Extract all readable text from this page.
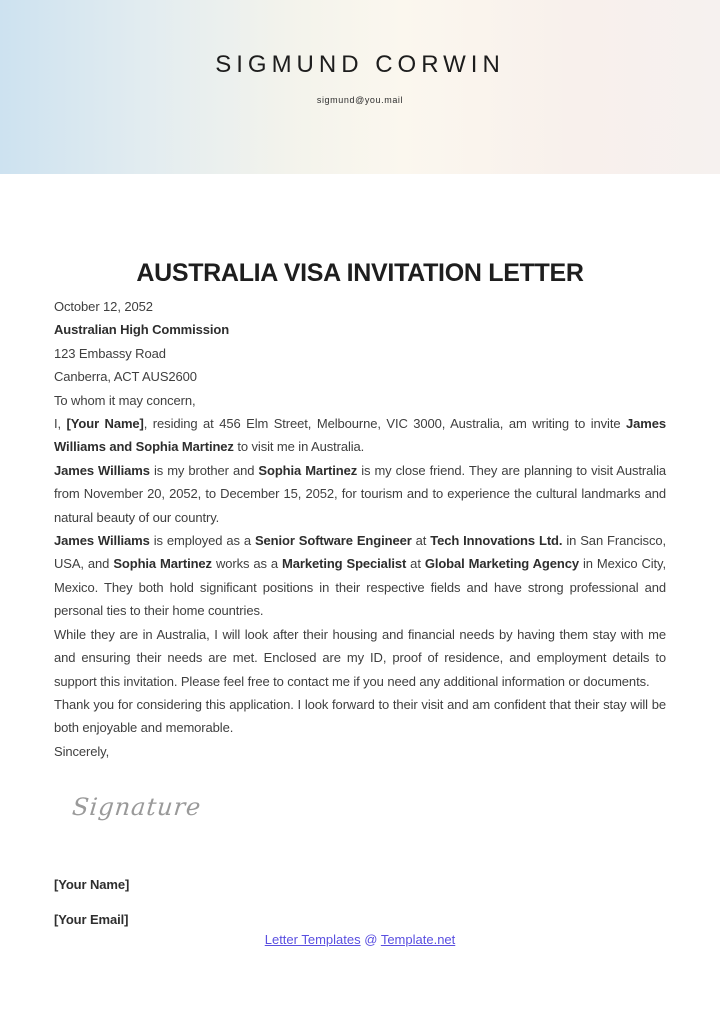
SIGMUND CORWIN
sigmund@you.mail
AUSTRALIA VISA INVITATION LETTER
October 12, 2052
Australian High Commission
123 Embassy Road
Canberra, ACT AUS2600
To whom it may concern,

I, [Your Name], residing at 456 Elm Street, Melbourne, VIC 3000, Australia, am writing to invite James Williams and Sophia Martinez to visit me in Australia.

James Williams is my brother and Sophia Martinez is my close friend. They are planning to visit Australia from November 20, 2052, to December 15, 2052, for tourism and to experience the cultural landmarks and natural beauty of our country.

James Williams is employed as a Senior Software Engineer at Tech Innovations Ltd. in San Francisco, USA, and Sophia Martinez works as a Marketing Specialist at Global Marketing Agency in Mexico City, Mexico. They both hold significant positions in their respective fields and have strong professional and personal ties to their home countries.

While they are in Australia, I will look after their housing and financial needs by having them stay with me and ensuring their needs are met. Enclosed are my ID, proof of residence, and employment details to support this invitation. Please feel free to contact me if you need any additional information or documents.

Thank you for considering this application. I look forward to their visit and am confident that their stay will be both enjoyable and memorable.

Sincerely,
Signature
[Your Name]
[Your Email]
Letter Templates @ Template.net
